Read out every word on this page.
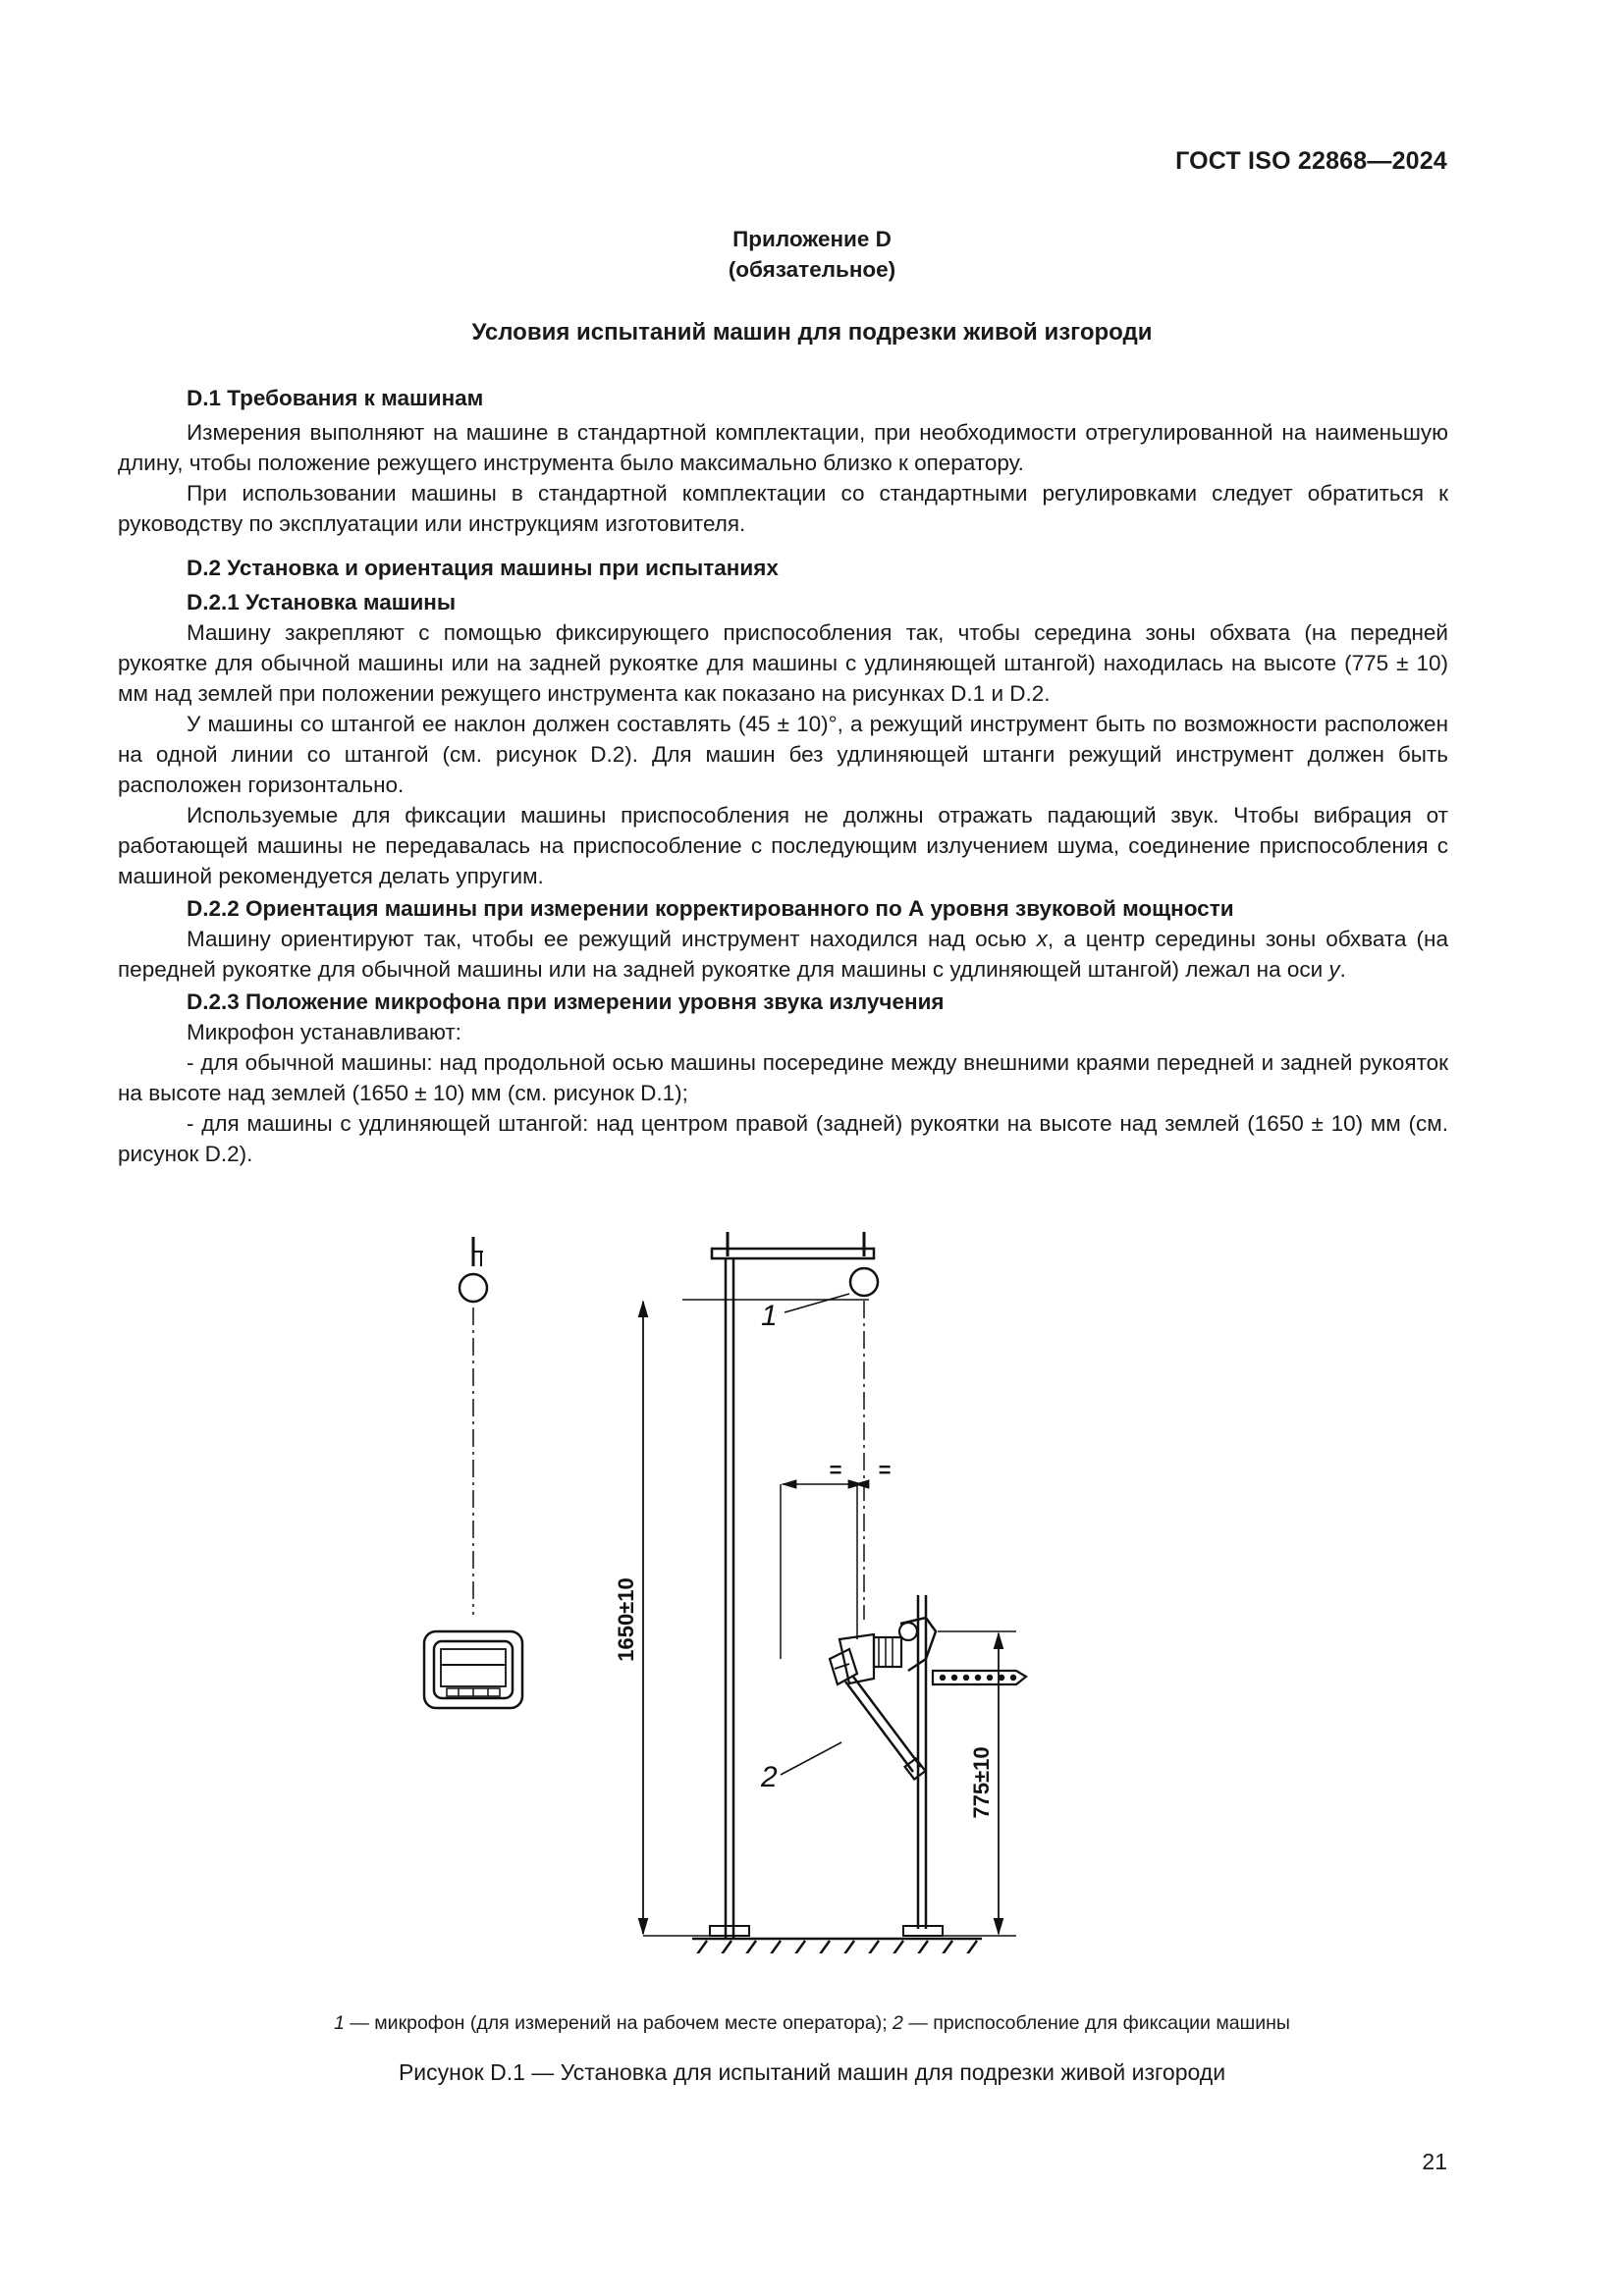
ГОСТ ISO 22868—2024
Приложение D
(обязательное)
Условия испытаний машин для подрезки живой изгороди
D.1 Требования к машинам

Измерения выполняют на машине в стандартной комплектации, при необходимости отрегулированной на наименьшую длину, чтобы положение режущего инструмента было максимально близко к оператору.

При использовании машины в стандартной комплектации со стандартными регулировками следует обратиться к руководству по эксплуатации или инструкциям изготовителя.

D.2 Установка и ориентация машины при испытаниях
D.2.1 Установка машины

Машину закрепляют с помощью фиксирующего приспособления так, чтобы середина зоны обхвата (на передней рукоятке для обычной машины или на задней рукоятке для машины с удлиняющей штангой) находилась на высоте (775 ± 10) мм над землей при положении режущего инструмента как показано на рисунках D.1 и D.2.

У машины со штангой ее наклон должен составлять (45 ± 10)°, а режущий инструмент быть по возможности расположен на одной линии со штангой (см. рисунок D.2). Для машин без удлиняющей штанги режущий инструмент должен быть расположен горизонтально.

Используемые для фиксации машины приспособления не должны отражать падающий звук. Чтобы вибрация от работающей машины не передавалась на приспособление с последующим излучением шума, соединение приспособления с машиной рекомендуется делать упругим.

D.2.2 Ориентация машины при измерении корректированного по А уровня звуковой мощности

Машину ориентируют так, чтобы ее режущий инструмент находился над осью x, а центр середины зоны обхвата (на передней рукоятке для обычной машины или на задней рукоятке для машины с удлиняющей штангой) лежал на оси y.

D.2.3 Положение микрофона при измерении уровня звука излучения

Микрофон устанавливают:

- для обычной машины: над продольной осью машины посередине между внешними краями передней и задней рукояток на высоте над землей (1650 ± 10) мм (см. рисунок D.1);

- для машины с удлиняющей штангой: над центром правой (задней) рукоятки на высоте над землей (1650 ± 10) мм (см. рисунок D.2).

1650±10
775±10
= =
1
2
1 — микрофон (для измерений на рабочем месте оператора); 2 — приспособление для фиксации машины
Рисунок D.1 — Установка для испытаний машин для подрезки живой изгороди
21
